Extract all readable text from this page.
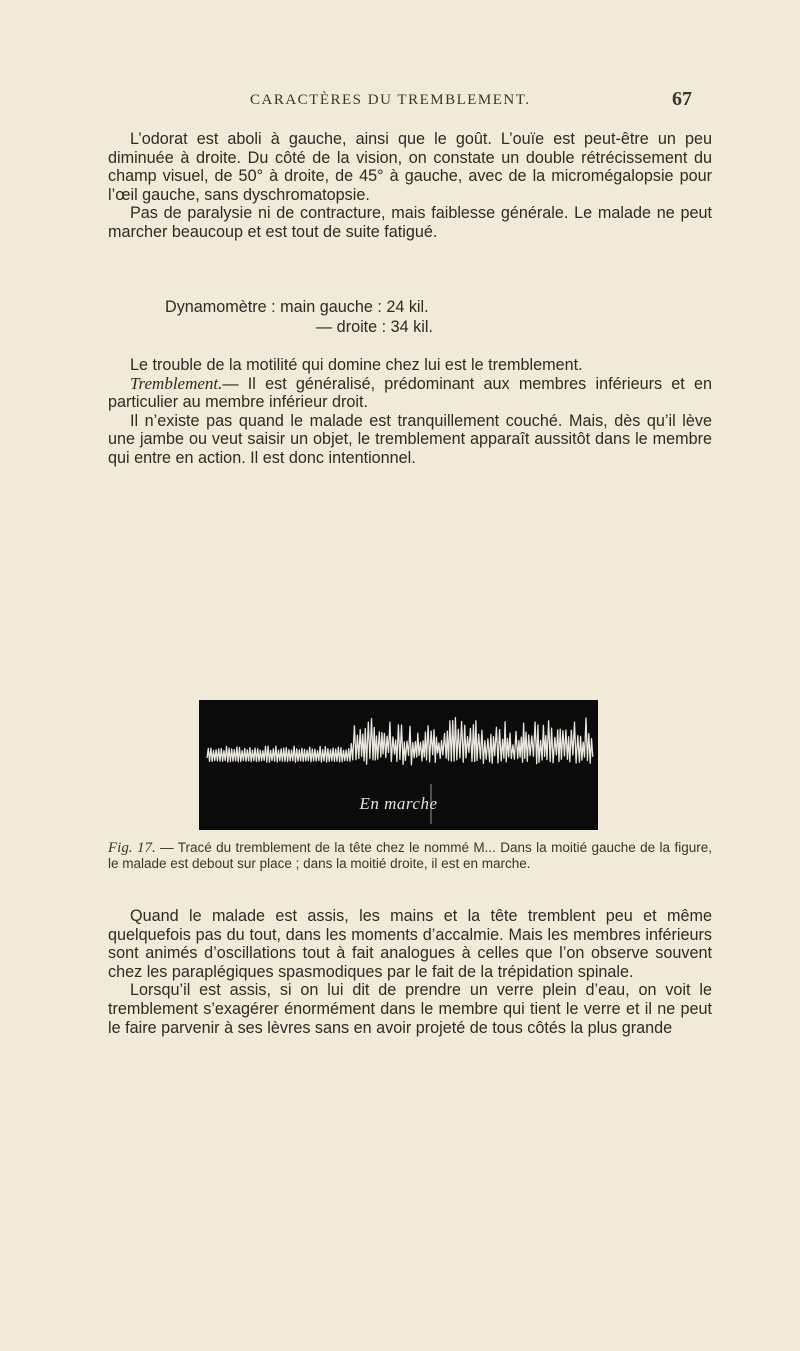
CARACTÈRES DU TREMBLEMENT.	67

L’odorat est aboli à gauche, ainsi que le goût. L’ouïe est peut-être un peu diminuée à droite. Du côté de la vision, on constate un double rétrécissement du champ visuel, de 50° à droite, de 45° à gauche, avec de la micromégalopsie pour l’œil gauche, sans dyschromatopsie.

Pas de paralysie ni de contracture, mais faiblesse générale. Le malade ne peut marcher beaucoup et est tout de suite fatigué.

Dynamomètre : main gauche : 24 kil.
— droite : 34 kil.

Le trouble de la motilité qui domine chez lui est le tremblement.

Tremblement.— Il est généralisé, prédominant aux membres inférieurs et en particulier au membre inférieur droit.

Il n’existe pas quand le malade est tranquillement couché. Mais, dès qu’il lève une jambe ou veut saisir un objet, le tremblement apparaît aussitôt dans le membre qui entre en action. Il est donc intentionnel.

En marche
Fig. 17. — Tracé du tremblement de la tête chez le nommé M... Dans la moitié gauche de la figure, le malade est debout sur place ; dans la moitié droite, il est en marche.

Quand le malade est assis, les mains et la tête tremblent peu et même quelquefois pas du tout, dans les moments d’accalmie. Mais les membres inférieurs sont animés d’oscillations tout à fait analogues à celles que l’on observe souvent chez les paraplégiques spasmodiques par le fait de la trépidation spinale.

Lorsqu’il est assis, si on lui dit de prendre un verre plein d’eau, on voit le tremblement s’exagérer énormément dans le membre qui tient le verre et il ne peut le faire parvenir à ses lèvres sans en avoir projeté de tous côtés la plus grande
